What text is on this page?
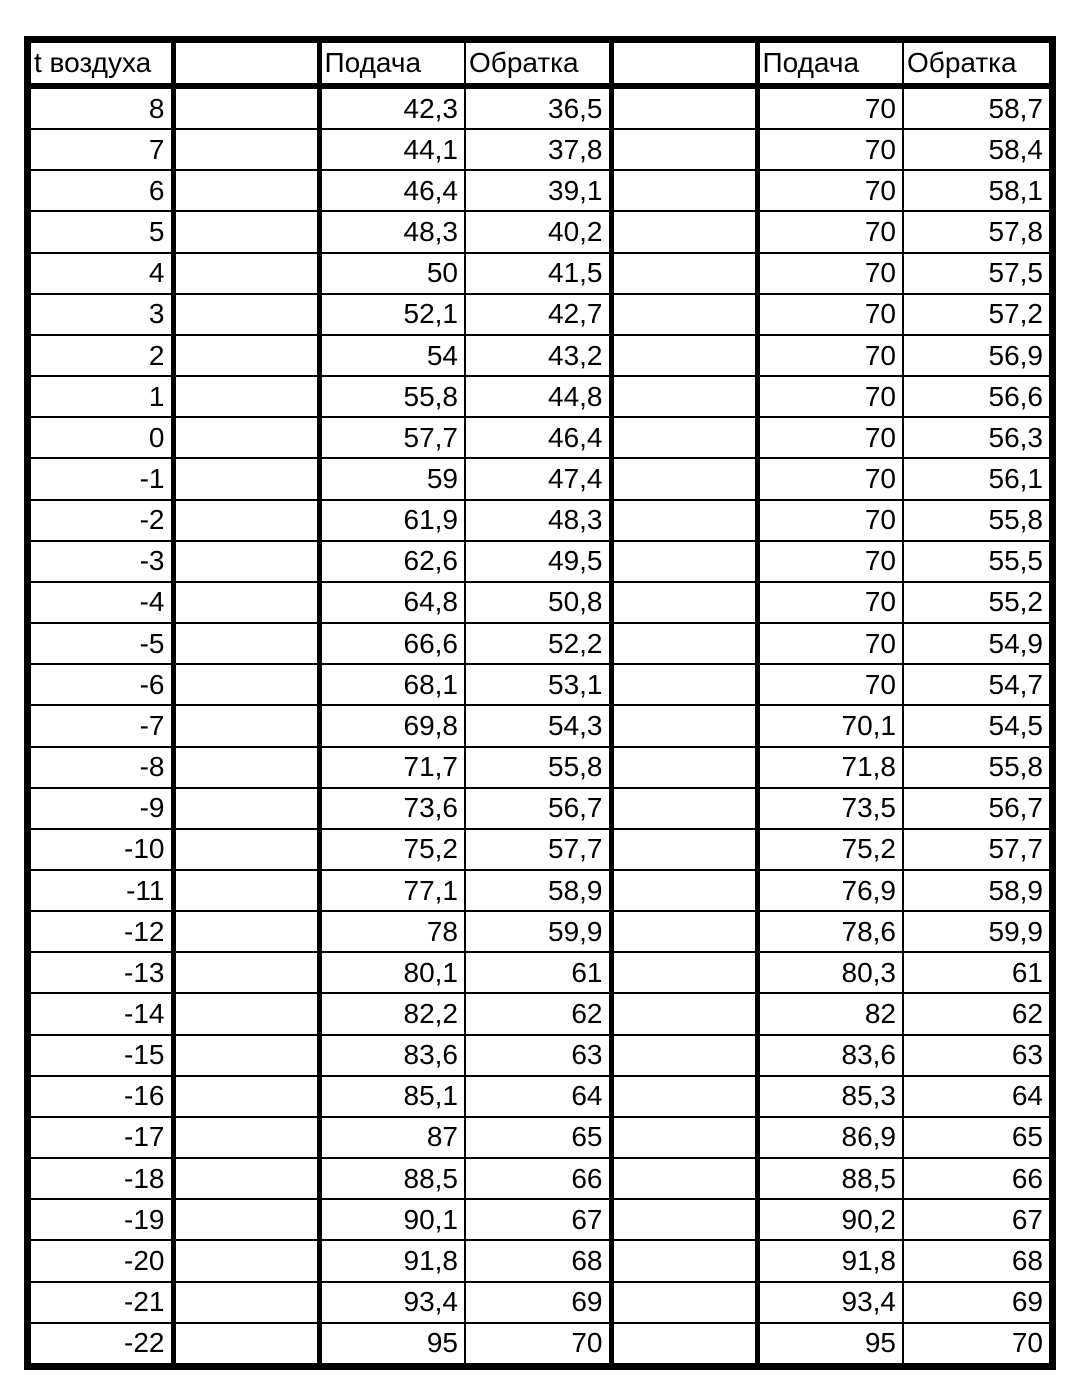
t воздуха		Подача	Обратка		Подача	Обратка
8		42,3	36,5		70	58,7
7		44,1	37,8		70	58,4
6		46,4	39,1		70	58,1
5		48,3	40,2		70	57,8
4		50	41,5		70	57,5
3		52,1	42,7		70	57,2
2		54	43,2		70	56,9
1		55,8	44,8		70	56,6
0		57,7	46,4		70	56,3
-1		59	47,4		70	56,1
-2		61,9	48,3		70	55,8
-3		62,6	49,5		70	55,5
-4		64,8	50,8		70	55,2
-5		66,6	52,2		70	54,9
-6		68,1	53,1		70	54,7
-7		69,8	54,3		70,1	54,5
-8		71,7	55,8		71,8	55,8
-9		73,6	56,7		73,5	56,7
-10		75,2	57,7		75,2	57,7
-11		77,1	58,9		76,9	58,9
-12		78	59,9		78,6	59,9
-13		80,1	61		80,3	61
-14		82,2	62		82	62
-15		83,6	63		83,6	63
-16		85,1	64		85,3	64
-17		87	65		86,9	65
-18		88,5	66		88,5	66
-19		90,1	67		90,2	67
-20		91,8	68		91,8	68
-21		93,4	69		93,4	69
-22		95	70		95	70
